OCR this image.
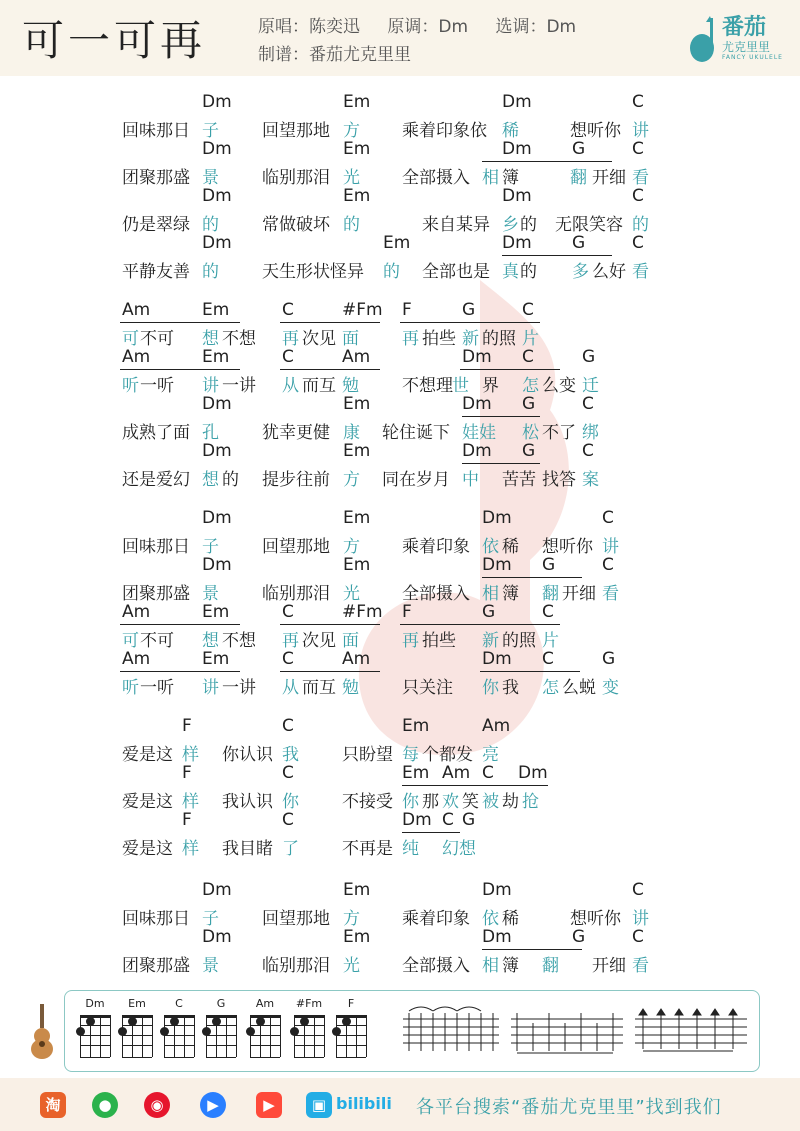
可一可再	原唱：陈奕迅 原调：Dm 选调：Dm
制谱：番茄尤克里里
番茄
尤克里里
FANCY UKULELE
Dm	Em	Dm	C
回味那日 子	回望那地 方 乘着印象依 稀	想听你 讲
Dm	Em	Dm G	C
团聚那盛 景	临别那泪 光 全部摄入 相 簿	翻 开细 看
Dm	Em	Dm	C
仍是翠绿 的	常做破坏 的	来自某异 乡 的 无限笑容 的
Dm	Em	Dm G	C
平静友善 的	天生形状怪异 的 全部也是 真 的 多 么好 看
Am	Em	C	#Fm F	G	C
可 不可 想 不想 再 次见 面	再 拍些 新 的照 片
Am	Em	C	Am	Dm C	G
听 一听 讲 一讲 从 而互 勉	不想理 世 界 怎 么变 迁
Dm	Em	Dm G	C
成熟了面 孔	犹幸更健 康 轮住诞下 娃娃 松 不了 绑
Dm	Em	Dm G	C
还是爱幻 想 的 提步往前 方 同在岁月 中 苦苦 找答 案
Dm	Em	Dm	C
回味那日 子	回望那地 方 乘着印象 依 稀 想听你 讲
Dm	Em	Dm G	C
团聚那盛 景	临别那泪 光 全部摄入 相 簿 翻 开细 看
Am	Em	C	#Fm F	G	C
可 不可 想 不想 再 次见 面	再 拍些 新 的照 片
Am	Em	C	Am	Dm C	G
听 一听 讲 一讲 从 而互 勉	只关注 你 我 怎 么蜕 变
F	C	Em	Am
爱是这 样 你认识 我	只盼望 每 个都发 亮
F	C	Em Am C Dm
爱是这 样 我认识 你	不接受 你 那 欢 笑 被 劫 抢
F	C	Dm C G
爱是这 样 我目睹 了	不再是 纯 幻想
Dm	Em	Dm	C
回味那日 子	回望那地 方 乘着印象 依 稀	想听你 讲
Dm	Em	Dm	G	C
团聚那盛 景	临别那泪 光 全部摄入 相 簿 翻 开细 看
Dm	Em	C	G	Am	#Fm	F
淘	●	◉	▶	▶	▣ bilibili 各平台搜索“番茄尤克里里”找到我们
